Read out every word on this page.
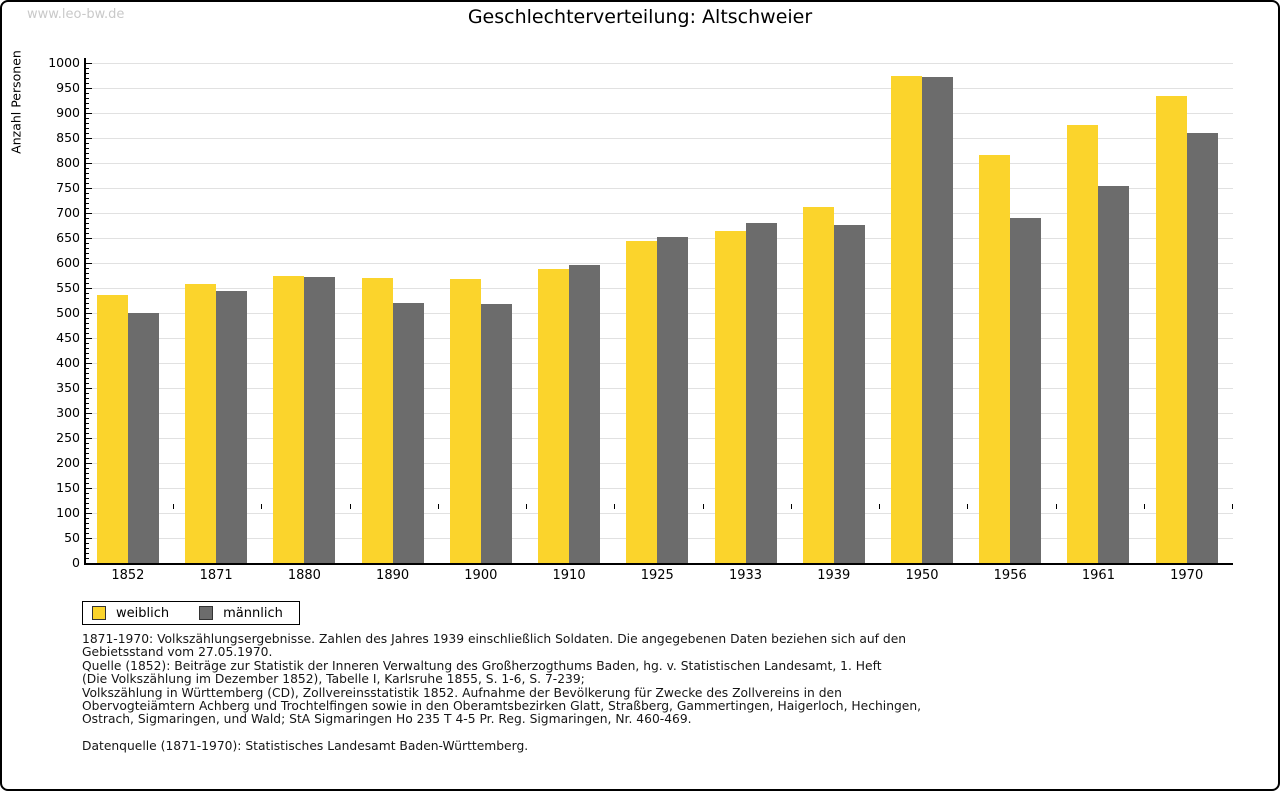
www.leo-bw.de	Geschlechterverteilung: Altschweier
Anzahl Personen
0
50
100
150
200
250
300
350
400
450
500
550
600
650
700
750
800
850
900
950
1000
1852	1871	1880	1890	1900	1910	1925	1933	1939	1950	1956	1961	1970
weiblich	männlich
1871-1970: Volkszählungsergebnisse. Zahlen des Jahres 1939 einschließlich Soldaten. Die angegebenen Daten beziehen sich auf den
Gebietsstand vom 27.05.1970.
Quelle (1852): Beiträge zur Statistik der Inneren Verwaltung des Großherzogthums Baden, hg. v. Statistischen Landesamt, 1. Heft
(Die Volkszählung im Dezember 1852), Tabelle I, Karlsruhe 1855, S. 1-6, S. 7-239;
Volkszählung in Württemberg (CD), Zollvereinsstatistik 1852. Aufnahme der Bevölkerung für Zwecke des Zollvereins in den
Obervogteiämtern Achberg und Trochtelfingen sowie in den Oberamtsbezirken Glatt, Straßberg, Gammertingen, Haigerloch, Hechingen,
Ostrach, Sigmaringen, und Wald; StA Sigmaringen Ho 235 T 4-5 Pr. Reg. Sigmaringen, Nr. 460-469.
Datenquelle (1871-1970): Statistisches Landesamt Baden-Württemberg.
